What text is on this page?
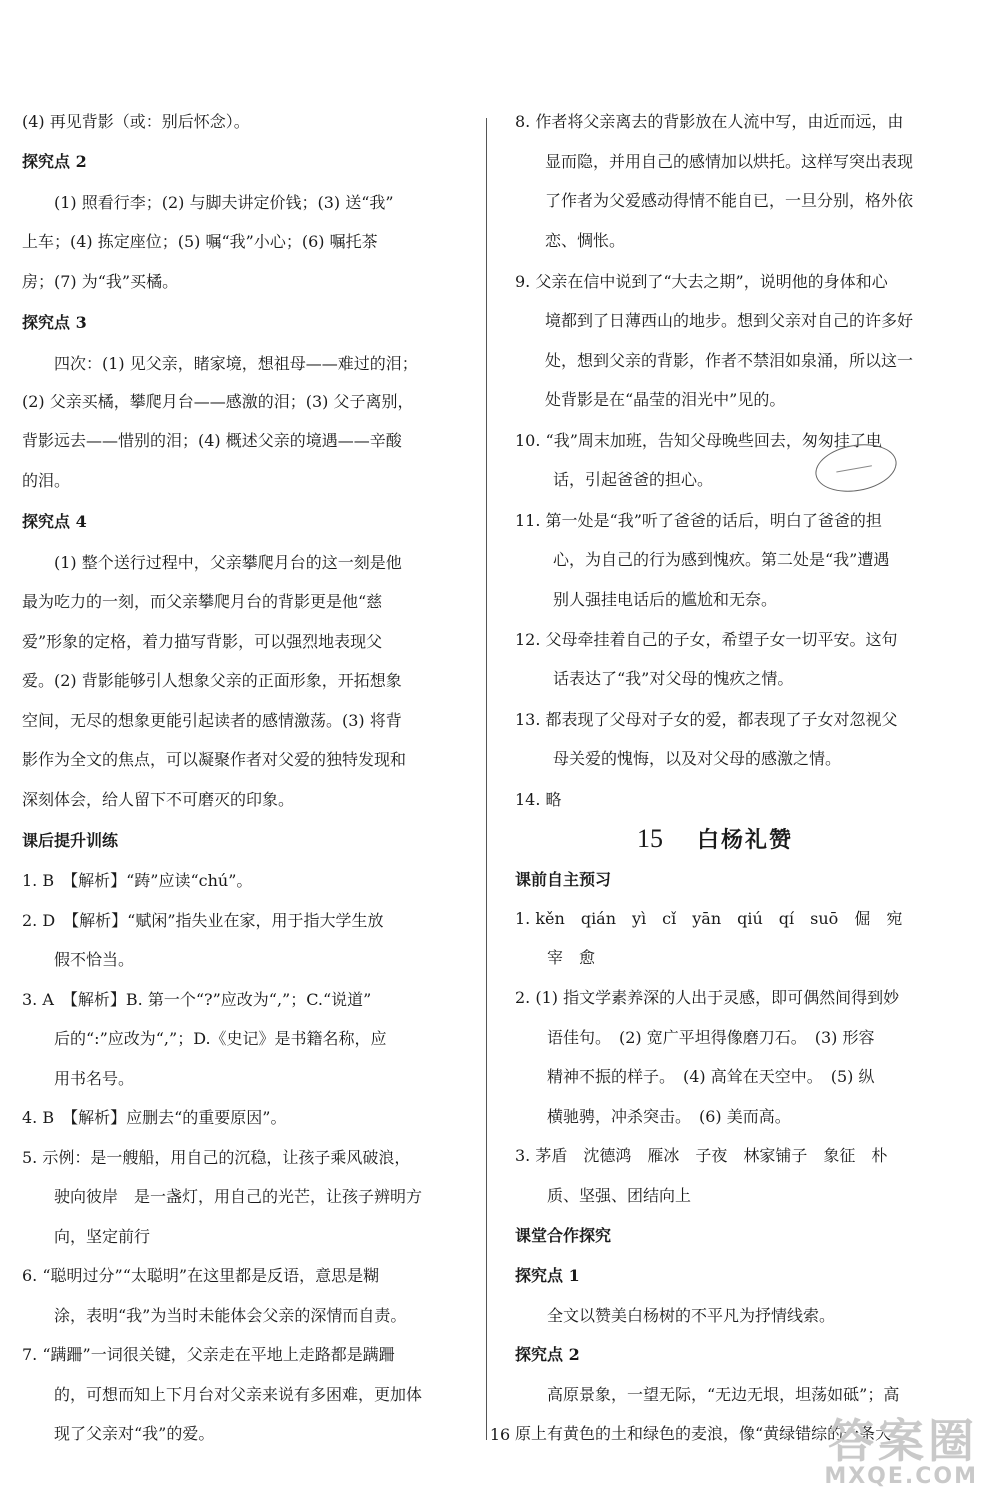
(4) 再见背影（或：别后怀念）。

探究点 2

(1) 照看行李；(2) 与脚夫讲定价钱；(3) 送“我”

上车；(4) 拣定座位；(5) 嘱“我”小心；(6) 嘱托茶

房；(7) 为“我”买橘。

探究点 3

四次：(1) 见父亲，睹家境，想祖母——难过的泪；

(2) 父亲买橘，攀爬月台——感激的泪；(3) 父子离别，

背影远去——惜别的泪；(4) 概述父亲的境遇——辛酸

的泪。

探究点 4

(1) 整个送行过程中，父亲攀爬月台的这一刻是他

最为吃力的一刻，而父亲攀爬月台的背影更是他“慈

爱”形象的定格，着力描写背影，可以强烈地表现父

爱。(2) 背影能够引人想象父亲的正面形象，开拓想象

空间，无尽的想象更能引起读者的感情激荡。(3) 将背

影作为全文的焦点，可以凝聚作者对父爱的独特发现和

深刻体会，给人留下不可磨灭的印象。

课后提升训练

1. B　【解析】“踌”应读“chú”。

2. D　【解析】“赋闲”指失业在家，用于指大学生放

假不恰当。

3. A　【解析】B. 第一个“?”应改为“,”；C.“说道”

后的“:”应改为“,”；D.《史记》是书籍名称，应

用书名号。

4. B　【解析】应删去“的重要原因”。

5. 示例：是一艘船，用自己的沉稳，让孩子乘风破浪，

驶向彼岸　是一盏灯，用自己的光芒，让孩子辨明方

向，坚定前行

6. “聪明过分”“太聪明”在这里都是反语，意思是糊

涂，表明“我”为当时未能体会父亲的深情而自责。

7. “蹒跚”一词很关键，父亲走在平地上走路都是蹒跚

的，可想而知上下月台对父亲来说有多困难，更加体

现了父亲对“我”的爱。

8. 作者将父亲离去的背影放在人流中写，由近而远，由

显而隐，并用自己的感情加以烘托。这样写突出表现

了作者为父爱感动得情不能自已，一旦分别，格外依

恋、惆怅。

9. 父亲在信中说到了“大去之期”，说明他的身体和心

境都到了日薄西山的地步。想到父亲对自己的许多好

处，想到父亲的背影，作者不禁泪如泉涌，所以这一

处背影是在“晶莹的泪光中”见的。

10. “我”周末加班，告知父母晚些回去，匆匆挂了电

话，引起爸爸的担心。

11. 第一处是“我”听了爸爸的话后，明白了爸爸的担

心，为自己的行为感到愧疚。第二处是“我”遭遇

别人强挂电话后的尴尬和无奈。

12. 父母牵挂着自己的子女，希望子女一切平安。这句

话表达了“我”对父母的愧疚之情。

13. 都表现了父母对子女的爱，都表现了子女对忽视父

母关爱的愧悔，以及对父母的感激之情。

14. 略

15 白杨礼赞

课前自主预习

1. kěn　qián　yì　cǐ　yān　qiú　qí　suō　倔　宛

宰　愈

2. (1) 指文学素养深的人出于灵感，即可偶然间得到妙

语佳句。　(2) 宽广平坦得像磨刀石。　(3) 形容

精神不振的样子。　(4) 高耸在天空中。　(5) 纵

横驰骋，冲杀突击。　(6) 美而高。

3. 茅盾　沈德鸿　雁冰　子夜　林家铺子　象征　朴

质、坚强、团结向上

课堂合作探究

探究点 1

全文以赞美白杨树的不平凡为抒情线索。

探究点 2

高原景象，一望无际，“无边无垠，坦荡如砥”；高

原上有黄色的土和绿色的麦浪，像“黄绿错综的一条大

16	答案圈
MXQE.COM
